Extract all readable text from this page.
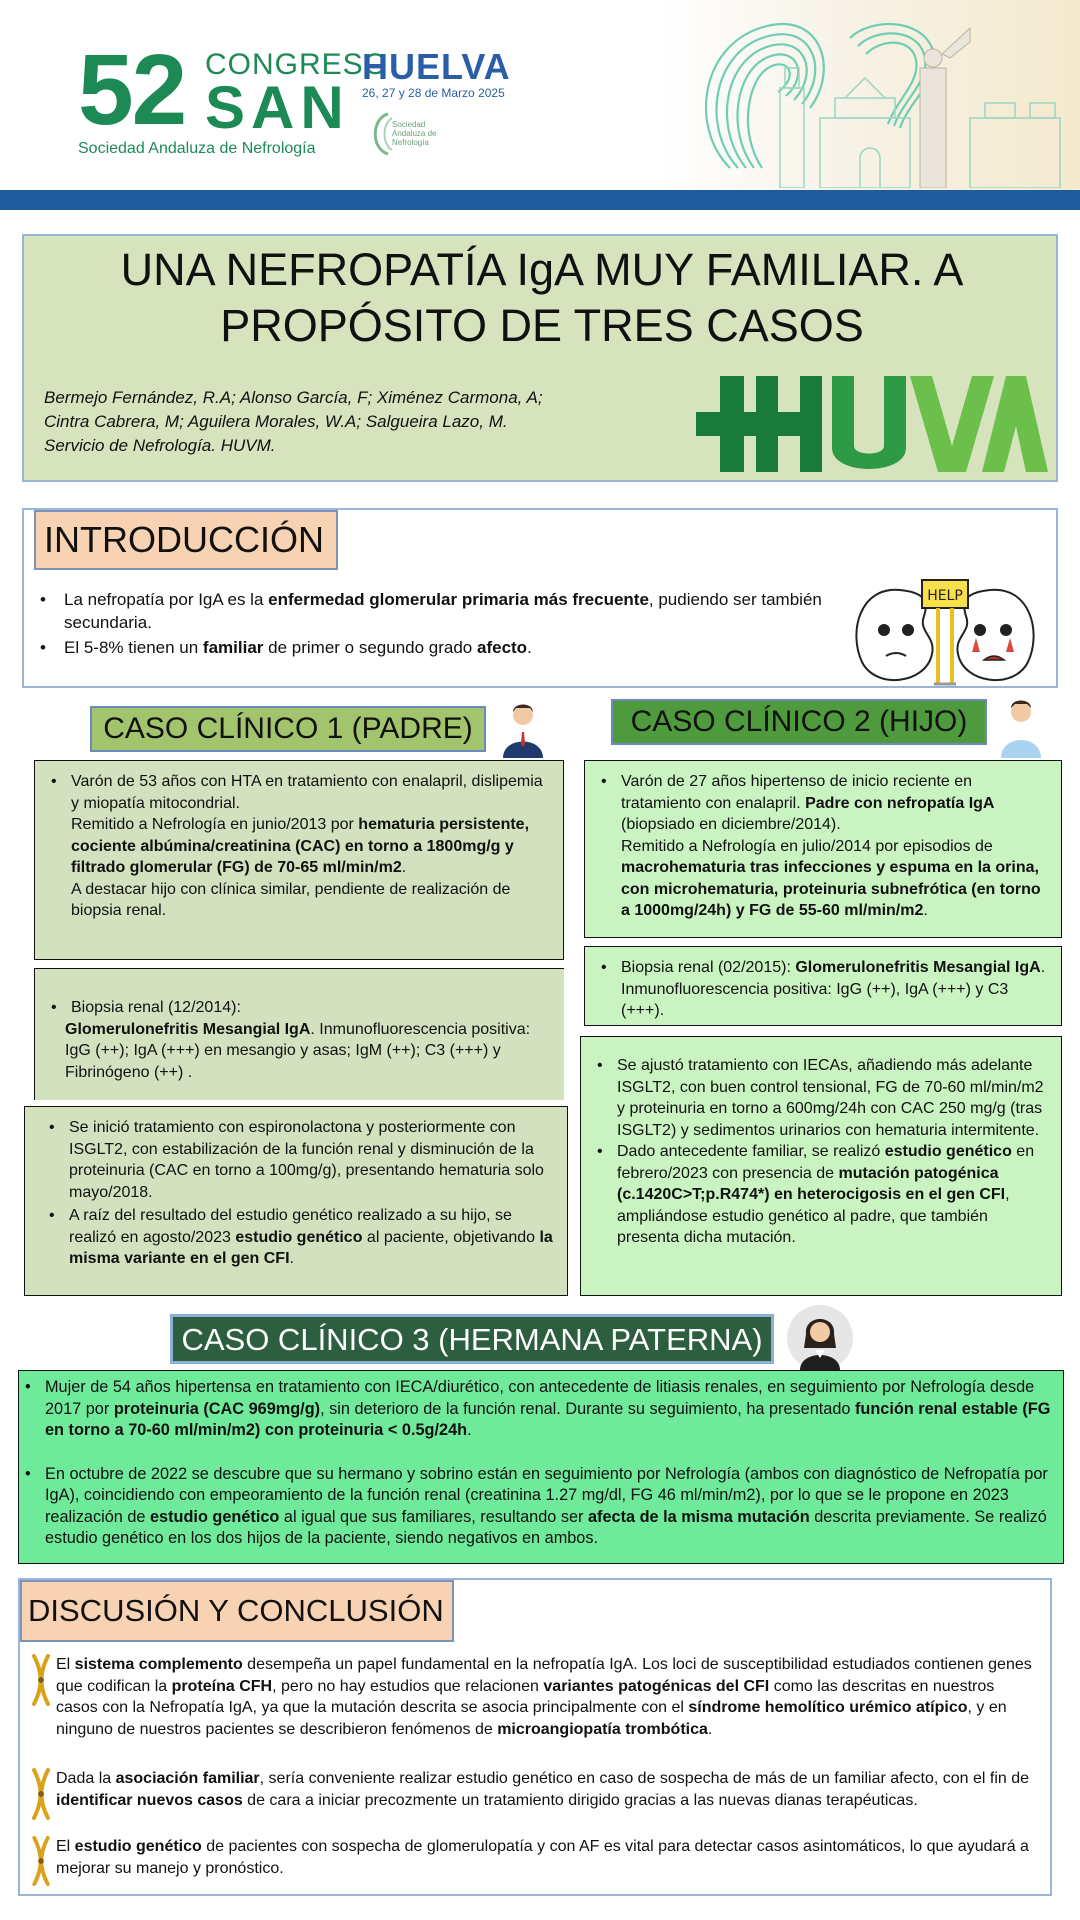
52 CONGRESO
SAN
Sociedad Andaluza de Nefrología
HUELVA
26, 27 y 28 de Marzo 2025
Sociedad Andaluza de Nefrología
UNA NEFROPATÍA IgA MUY FAMILIAR. A
PROPÓSITO DE TRES CASOS
Bermejo Fernández, R.A; Alonso García, F; Ximénez Carmona, A;
Cintra Cabrera, M; Aguilera Morales, W.A; Salgueira Lazo, M.
Servicio de Nefrología. HUVM.
INTRODUCCIÓN
• La nefropatía por IgA es la enfermedad glomerular primaria más frecuente, pudiendo ser también secundaria.
• El 5-8% tienen un familiar de primer o segundo grado afecto.
HELP
CASO CLÍNICO 1 (PADRE)	CASO CLÍNICO 2 (HIJO)
• Varón de 53 años con HTA en tratamiento con enalapril, dislipemia y miopatía mitocondrial.
Remitido a Nefrología en junio/2013 por hematuria persistente, cociente albúmina/creatinina (CAC) en torno a 1800mg/g y filtrado glomerular (FG) de 70-65 ml/min/m2.
A destacar hijo con clínica similar, pendiente de realización de biopsia renal.
• Biopsia renal (12/2014):
Glomerulonefritis Mesangial IgA. Inmunofluorescencia positiva: IgG (++); IgA (+++) en mesangio y asas; IgM (++); C3 (+++) y Fibrinógeno (++) .
• Se inició tratamiento con espironolactona y posteriormente con ISGLT2, con estabilización de la función renal y disminución de la proteinuria (CAC en torno a 100mg/g), presentando hematuria solo mayo/2018.
• A raíz del resultado del estudio genético realizado a su hijo, se realizó en agosto/2023 estudio genético al paciente, objetivando la misma variante en el gen CFI.
• Varón de 27 años hipertenso de inicio reciente en tratamiento con enalapril. Padre con nefropatía IgA (biopsiado en diciembre/2014).
Remitido a Nefrología en julio/2014 por episodios de macrohematuria tras infecciones y espuma en la orina, con microhematuria, proteinuria subnefrótica (en torno a 1000mg/24h) y FG de 55-60 ml/min/m2.
• Biopsia renal (02/2015): Glomerulonefritis Mesangial IgA. Inmunofluorescencia positiva: IgG (++), IgA (+++) y C3 (+++).
• Se ajustó tratamiento con IECAs, añadiendo más adelante ISGLT2, con buen control tensional, FG de 70-60 ml/min/m2 y proteinuria en torno a 600mg/24h con CAC 250 mg/g (tras ISGLT2) y sedimentos urinarios con hematuria intermitente.
• Dado antecedente familiar, se realizó estudio genético en febrero/2023 con presencia de mutación patogénica (c.1420C>T;p.R474*) en heterocigosis en el gen CFI, ampliándose estudio genético al padre, que también presenta dicha mutación.
CASO CLÍNICO 3 (HERMANA PATERNA)
• Mujer de 54 años hipertensa en tratamiento con IECA/diurético, con antecedente de litiasis renales, en seguimiento por Nefrología desde 2017 por proteinuria (CAC 969mg/g), sin deterioro de la función renal. Durante su seguimiento, ha presentado función renal estable (FG en torno a 70-60 ml/min/m2) con proteinuria < 0.5g/24h.
• En octubre de 2022 se descubre que su hermano y sobrino están en seguimiento por Nefrología (ambos con diagnóstico de Nefropatía por IgA), coincidiendo con empeoramiento de la función renal (creatinina 1.27 mg/dl, FG 46 ml/min/m2), por lo que se le propone en 2023 realización de estudio genético al igual que sus familiares, resultando ser afecta de la misma mutación descrita previamente. Se realizó estudio genético en los dos hijos de la paciente, siendo negativos en ambos.
DISCUSIÓN Y CONCLUSIÓN
El sistema complemento desempeña un papel fundamental en la nefropatía IgA. Los loci de susceptibilidad estudiados contienen genes que codifican la proteína CFH, pero no hay estudios que relacionen variantes patogénicas del CFI como las descritas en nuestros casos con la Nefropatía IgA, ya que la mutación descrita se asocia principalmente con el síndrome hemolítico urémico atípico, y en ninguno de nuestros pacientes se describieron fenómenos de microangiopatía trombótica.
Dada la asociación familiar, sería conveniente realizar estudio genético en caso de sospecha de más de un familiar afecto, con el fin de identificar nuevos casos de cara a iniciar precozmente un tratamiento dirigido gracias a las nuevas dianas terapéuticas.
El estudio genético de pacientes con sospecha de glomerulopatía y con AF es vital para detectar casos asintomáticos, lo que ayudará a mejorar su manejo y pronóstico.
